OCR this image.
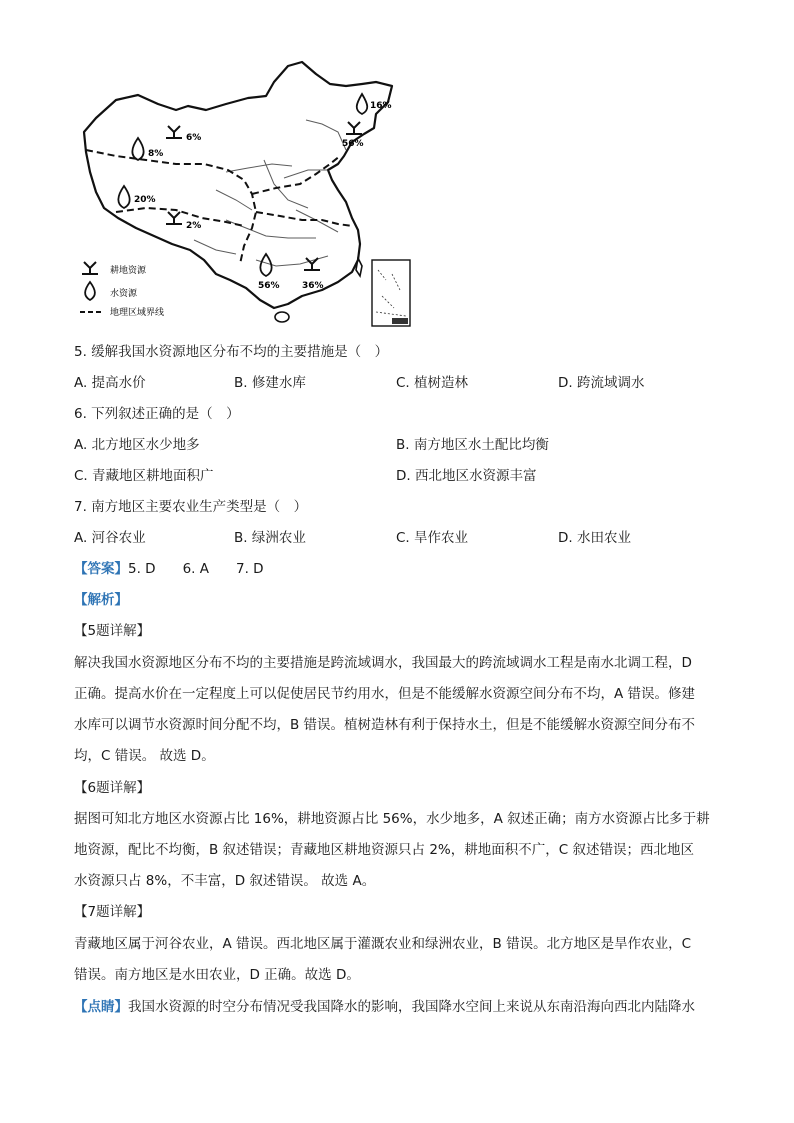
16%
56%
6%
8%
20%
2%
56% 36%
耕地资源
水资源
地理区域界线
5. 缓解我国水资源地区分布不均的主要措施是（　）
A. 提高水价	B. 修建水库	C. 植树造林	D. 跨流域调水
6. 下列叙述正确的是（　）
A. 北方地区水少地多	B. 南方地区水土配比均衡
C. 青藏地区耕地面积广	D. 西北地区水资源丰富
7. 南方地区主要农业生产类型是（　）
A. 河谷农业	B. 绿洲农业	C. 旱作农业	D. 水田农业
【答案】5. D　　6. A　　7. D
【解析】
【5题详解】
解决我国水资源地区分布不均的主要措施是跨流域调水，我国最大的跨流域调水工程是南水北调工程，D
正确。提高水价在一定程度上可以促使居民节约用水，但是不能缓解水资源空间分布不均，A 错误。修建
水库可以调节水资源时间分配不均，B 错误。植树造林有利于保持水土，但是不能缓解水资源空间分布不
均，C 错误。 故选 D。
【6题详解】
据图可知北方地区水资源占比 16%，耕地资源占比 56%，水少地多，A 叙述正确；南方水资源占比多于耕
地资源，配比不均衡，B 叙述错误；青藏地区耕地资源只占 2%，耕地面积不广，C 叙述错误；西北地区
水资源只占 8%，不丰富，D 叙述错误。 故选 A。
【7题详解】
青藏地区属于河谷农业，A 错误。西北地区属于灌溉农业和绿洲农业，B 错误。北方地区是旱作农业，C
错误。南方地区是水田农业，D 正确。故选 D。
【点睛】我国水资源的时空分布情况受我国降水的影响，我国降水空间上来说从东南沿海向西北内陆降水
